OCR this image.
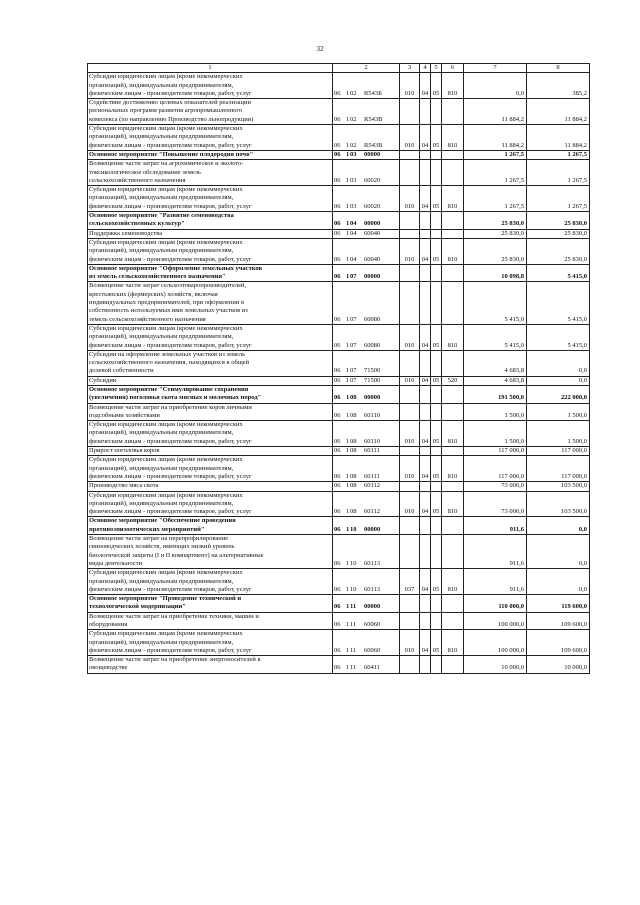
32
1	2	3	4	5	6	7	8
Субсидии юридическим лицам (кроме некоммерческих
организаций), индивидуальным предпринимателям,
физическим лицам - производителям товаров, работ, услуг	06 102 R543Б	010	04	05	810	0,0	385,2
Содействие достижению целевых показателей реализации
региональных программ развития агропромышленного
комплекса (по направлению Производство льнопродукции)	06 102 R543В					11 884,2	11 884,2
Субсидии юридическим лицам (кроме некоммерческих
организаций), индивидуальным предпринимателям,
физическим лицам - производителям товаров, работ, услуг	06 102 R543В	010	04	05	810	11 884,2	11 884,2
Основное мероприятие "Повышение плодородия почв"	06 103 00000					1 267,5	1 267,5
Возмещение части затрат на агрохимическое и эколого-
токсикологическое обследование земель
сельскохозяйственного назначения	06 103 60020					1 267,5	1 267,5
Субсидии юридическим лицам (кроме некоммерческих
организаций), индивидуальным предпринимателям,
физическим лицам - производителям товаров, работ, услуг	06 103 60020	010	04	05	810	1 267,5	1 267,5
Основное мероприятие "Развитие семеноводства
сельскохозяйственных культур"	06 104 00000					25 830,0	25 830,0
Поддержка семеноводства	06 104 60040					25 830,0	25 830,0
Субсидии юридическим лицам (кроме некоммерческих
организаций), индивидуальным предпринимателям,
физическим лицам - производителям товаров, работ, услуг	06 104 60040	010	04	05	810	25 830,0	25 830,0
Основное мероприятие "Оформление земельных участков
из земель сельскохозяйственного назначения"	06 107 00000					10 098,8	5 415,0
Возмещение части затрат сельхозтоваропроизводителей,
крестьянских (фермерских) хозяйств, включая
индивидуальных предпринимателей, при оформлении в
собственность используемых ими земельных участков из
земель сельскохозяйственного назначения	06 107 60080					5 415,0	5 415,0
Субсидии юридическим лицам (кроме некоммерческих
организаций), индивидуальным предпринимателям,
физическим лицам - производителям товаров, работ, услуг	06 107 60080	010	04	05	810	5 415,0	5 415,0
Субсидии на оформление земельных участков из земель
сельскохозяйственного назначения, находящихся в общей
долевой собственности	06 107 71500					4 683,8	0,0
Субсидии	06 107 71500	010	04	05	520	4 683,8	0,0
Основное мероприятие "Стимулирование сохранения
(увеличения) поголовья скота мясных и молочных пород"	06 108 00000					191 500,0	222 000,0
Возмещение части затрат на приобретение коров личными
подсобными хозяйствами	06 108 60110					1 500,0	1 500,0
Субсидии юридическим лицам (кроме некоммерческих
организаций), индивидуальным предпринимателям,
физическим лицам - производителям товаров, работ, услуг	06 108 60110	010	04	05	810	1 500,0	1 500,0
Прирост поголовья коров	06 108 60111					117 000,0	117 000,0
Субсидии юридическим лицам (кроме некоммерческих
организаций), индивидуальным предпринимателям,
физическим лицам - производителям товаров, работ, услуг	06 108 60111	010	04	05	810	117 000,0	117 000,0
Производство мяса скота	06 108 60112					73 000,0	103 500,0
Субсидии юридическим лицам (кроме некоммерческих
организаций), индивидуальным предпринимателям,
физическим лицам - производителям товаров, работ, услуг	06 108 60112	010	04	05	810	73 000,0	103 500,0
Основное мероприятие "Обеспечение проведения
противоэпизоотических мероприятий"	06 110 00000					911,6	0,0
Возмещение части затрат на перепрофилирование
свиноводческих хозяйств, имеющих низкий уровень
биологической защиты (I и II компартмент) на альтернативные
виды деятельности	06 110 60113					911,6	0,0
Субсидии юридическим лицам (кроме некоммерческих
организаций), индивидуальным предпринимателям,
физическим лицам - производителям товаров, работ, услуг	06 110 60113	037	04	05	810	911,6	0,0
Основное мероприятие "Проведение технической и
технологической модернизации"	06 111 00000					110 000,0	119 600,0
Возмещение части затрат на приобретение техники, машин и
оборудования	06 111 60060					100 000,0	109 600,0
Субсидии юридическим лицам (кроме некоммерческих
организаций), индивидуальным предпринимателям,
физическим лицам - производителям товаров, работ, услуг	06 111 60060	010	04	05	810	100 000,0	109 600,0
Возмещение части затрат на приобретение энергоносителей в
овощеводстве	06 111 60411					10 000,0	10 000,0
